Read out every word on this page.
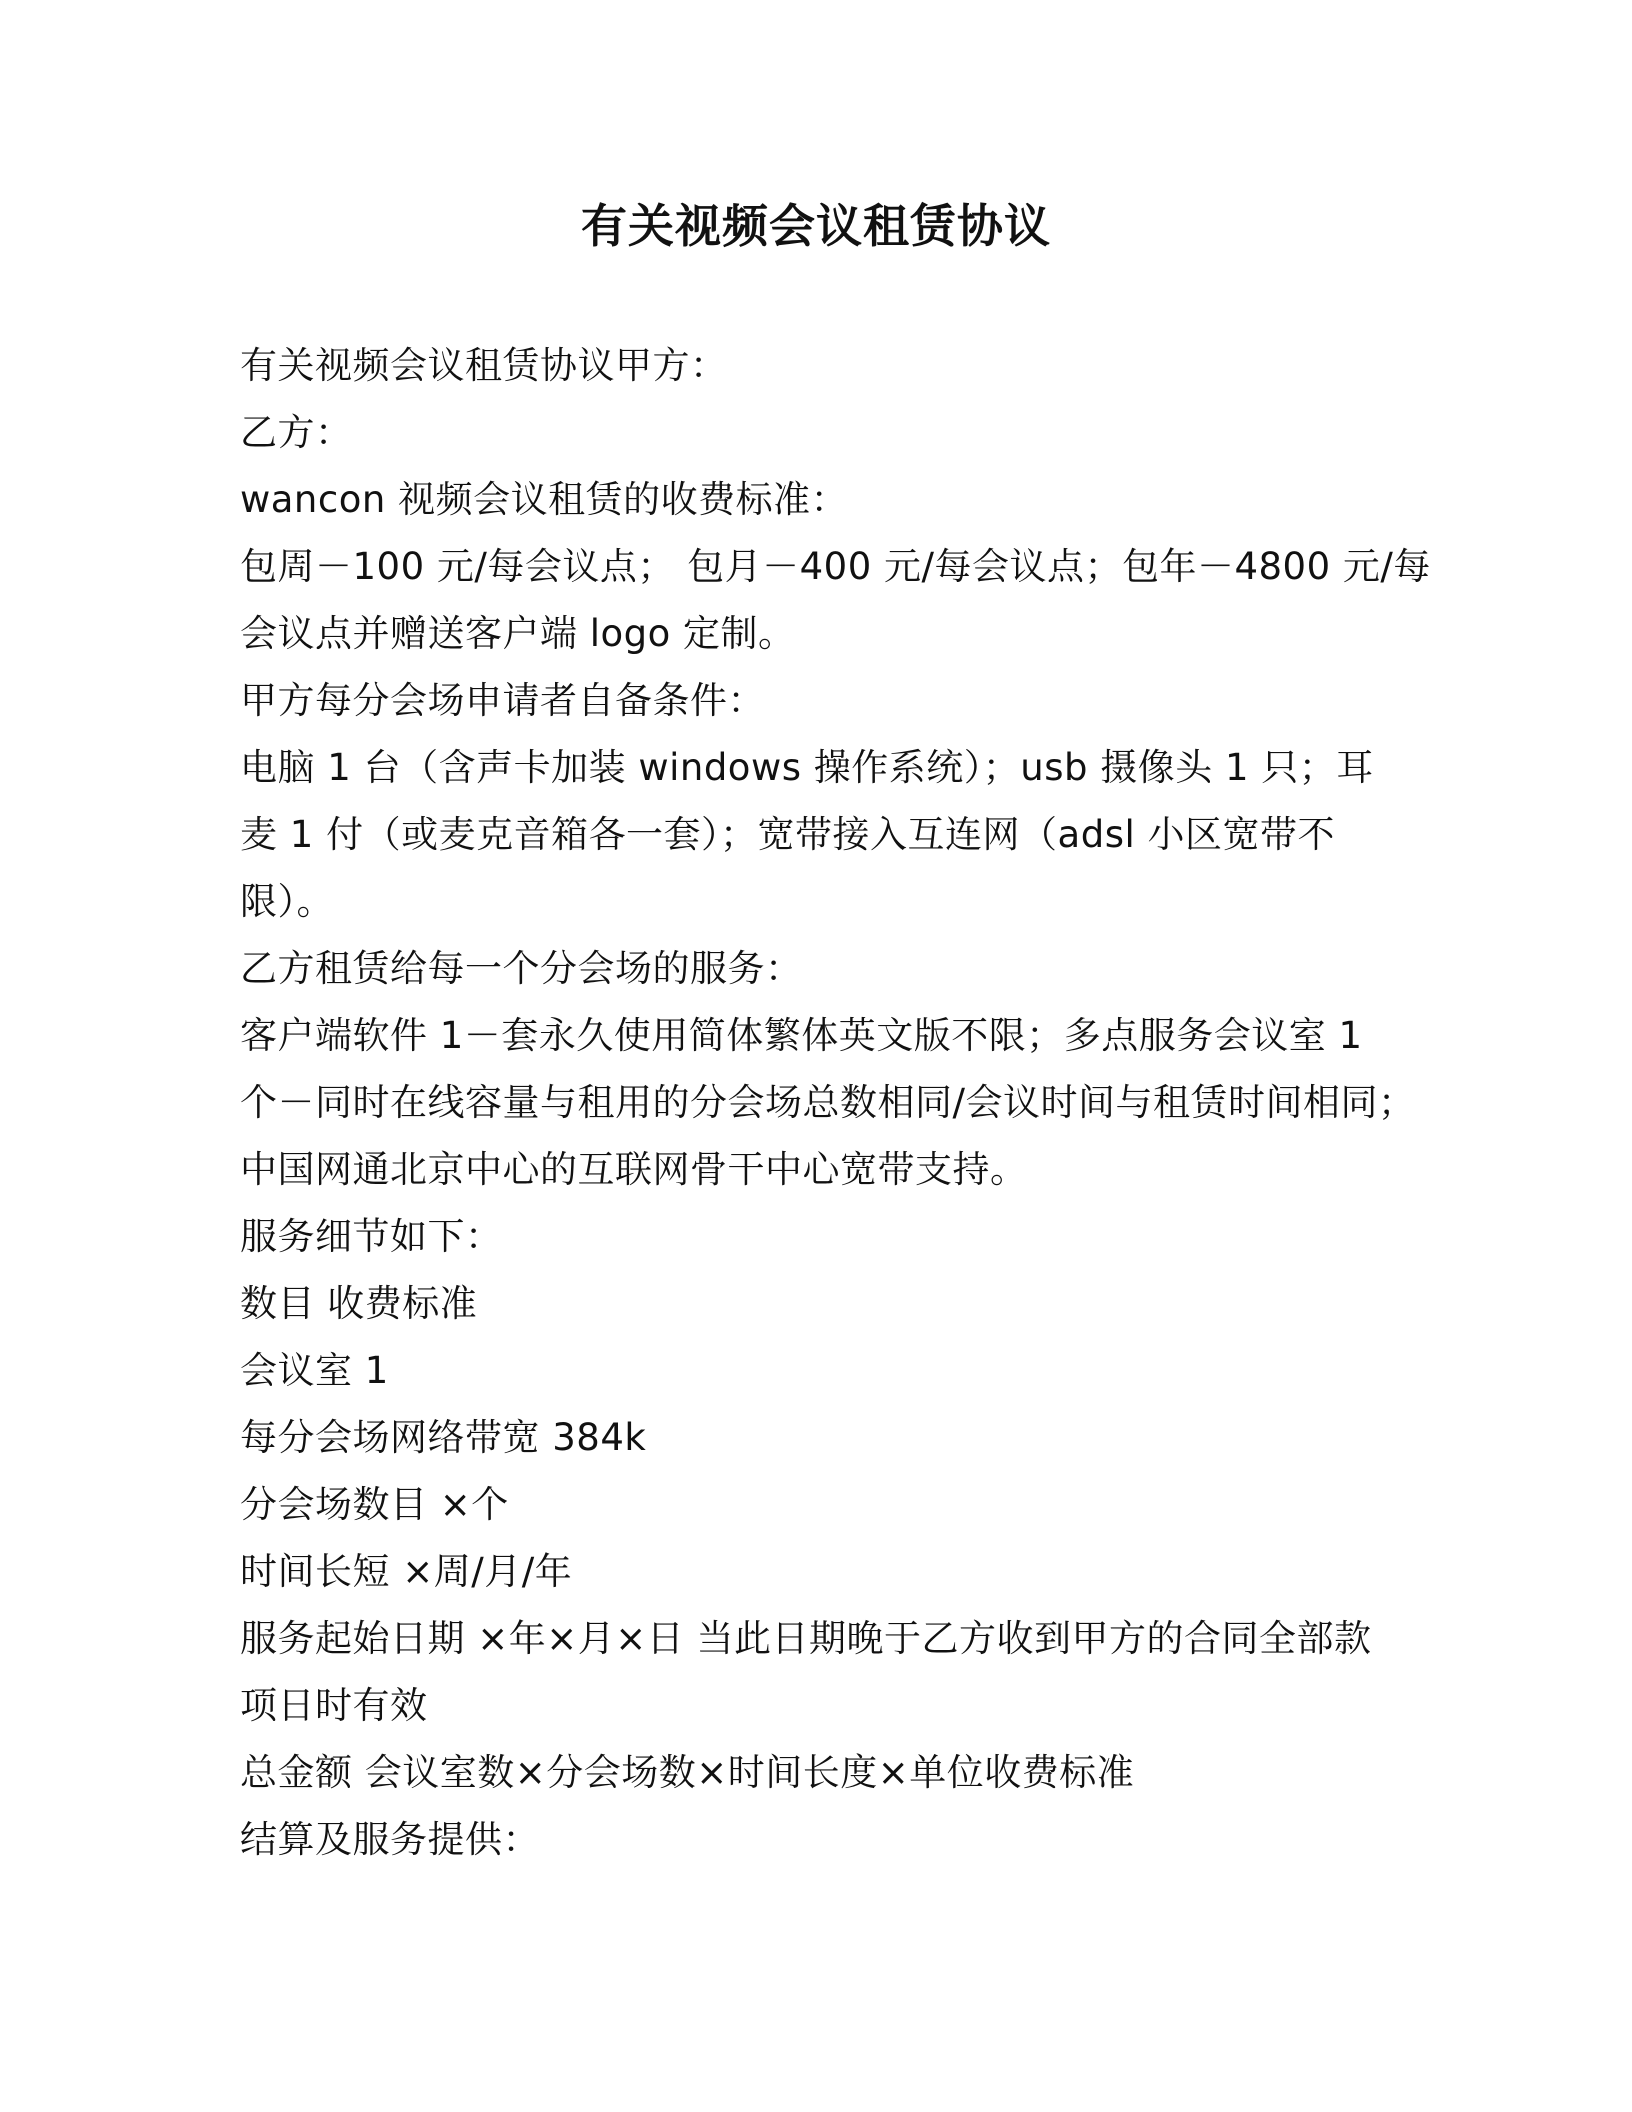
有关视频会议租赁协议
有关视频会议租赁协议甲方：
乙方：
wancon 视频会议租赁的收费标准：
包周－100 元/每会议点； 包月－400 元/每会议点；包年－4800 元/每
会议点并赠送客户端 logo 定制。
甲方每分会场申请者自备条件：
电脑 1 台（含声卡加装 windows 操作系统）；usb 摄像头 1 只；耳
麦 1 付（或麦克音箱各一套）；宽带接入互连网（adsl 小区宽带不
限）。
乙方租赁给每一个分会场的服务：
客户端软件 1－套永久使用简体繁体英文版不限；多点服务会议室 1
个－同时在线容量与租用的分会场总数相同/会议时间与租赁时间相同；
中国网通北京中心的互联网骨干中心宽带支持。
服务细节如下：
数目 收费标准
会议室 1
每分会场网络带宽 384k
分会场数目 ×个
时间长短 ×周/月/年
服务起始日期 ×年×月×日 当此日期晚于乙方收到甲方的合同全部款
项日时有效
总金额 会议室数×分会场数×时间长度×单位收费标准
结算及服务提供：
